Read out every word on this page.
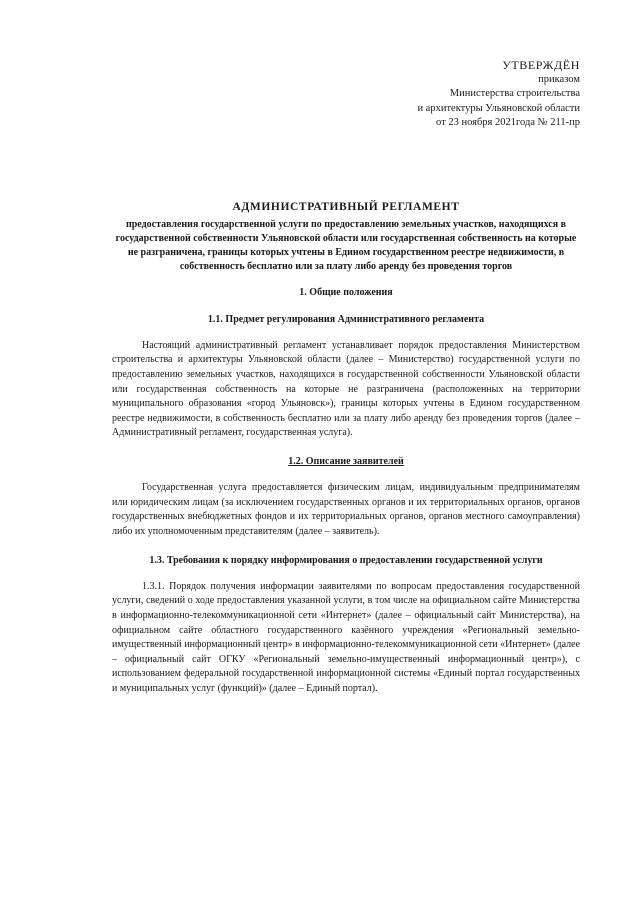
УТВЕРЖДЁН
приказом
Министерства строительства
и архитектуры Ульяновской области
от 23 ноября 2021года № 211-пр
АДМИНИСТРАТИВНЫЙ РЕГЛАМЕНТ
предоставления государственной услуги по предоставлению земельных участков, находящихся в государственной собственности Ульяновской области или государственная собственность на которые не разграничена, границы которых учтены в Едином государственном реестре недвижимости, в собственность бесплатно или за плату либо аренду без проведения торгов
1. Общие положения
1.1. Предмет регулирования Административного регламента

Настоящий административный регламент устанавливает порядок предоставления Министерством строительства и архитектуры Ульяновской области (далее – Министерство) государственной услуги по предоставлению земельных участков, находящихся в государственной собственности Ульяновской области или государственная собственность на которые не разграничена (расположенных на территории муниципального образования «город Ульяновск»), границы которых учтены в Едином государственном реестре недвижимости, в собственность бесплатно или за плату либо аренду без проведения торгов (далее – Административный регламент, государственная услуга).

1.2. Описание заявителей

Государственная услуга предоставляется физическим лицам, индивидуальным предпринимателям или юридическим лицам (за исключением государственных органов и их территориальных органов, органов государственных внебюджетных фондов и их территориальных органов, органов местного самоуправления) либо их уполномоченным представителям (далее – заявитель).

1.3. Требования к порядку информирования о предоставлении государственной услуги

1.3.1. Порядок получения информации заявителями по вопросам предоставления государственной услуги, сведений о ходе предоставления указанной услуги, в том числе на официальном сайте Министерства в информационно-телекоммуникационной сети «Интернет» (далее – официальный сайт Министерства), на официальном сайте областного государственного казённого учреждения «Региональный земельно-имущественный информационный центр» в информационно-телекоммуникационной сети «Интернет» (далее – официальный сайт ОГКУ «Региональный земельно-имущественный информационный центр»), с использованием федеральной государственной информационной системы «Единый портал государственных и муниципальных услуг (функций)» (далее – Единый портал).
